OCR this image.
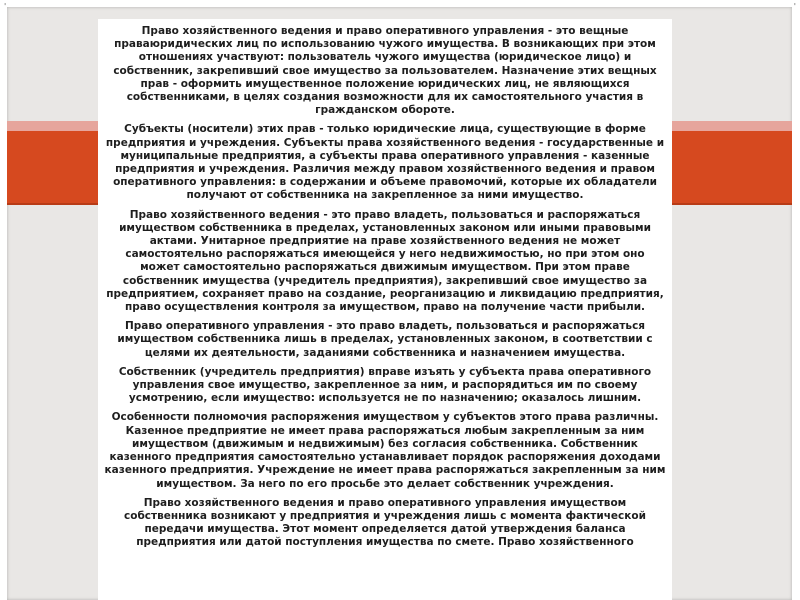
'	'

Право хозяйственного ведения и право оперативного управления - это вещные праваюридических лиц по использованию чужого имущества. В возникающих при этом отношениях участвуют: пользователь чужого имущества (юридическое лицо) и собственник, закрепивший свое имущество за пользователем. Назначение этих вещных прав - оформить имущественное положение юридических лиц, не являющихся собственниками, в целях создания возможности для их самостоятельного участия в гражданском обороте.

Субъекты (носители) этих прав - только юридические лица, существующие в форме предприятия и учреждения. Субъекты права хозяйственного ведения - государственные и муниципальные предприятия, а субъекты права оперативного управления - казенные предприятия и учреждения. Различия между правом хозяйственного ведения и правом оперативного управления: в содержании и объеме правомочий, которые их обладатели получают от собственника на закрепленное за ними имущество.

Право хозяйственного ведения - это право владеть, пользоваться и распоряжаться имуществом собственника в пределах, установленных законом или иными правовыми актами. Унитарное предприятие на праве хозяйственного ведения не может самостоятельно распоряжаться имеющейся у него недвижимостью, но при этом оно может самостоятельно распоряжаться движимым имуществом. При этом праве собственник имущества (учредитель предприятия), закрепивший свое имущество за предприятием, сохраняет право на создание, реорганизацию и ликвидацию предприятия, право осуществления контроля за имуществом, право на получение части прибыли.

Право оперативного управления - это право владеть, пользоваться и распоряжаться имуществом собственника лишь в пределах, установленных законом, в соответствии с целями их деятельности, заданиями собственника и назначением имущества.

Собственник (учредитель предприятия) вправе изъять у субъекта права оперативного управления свое имущество, закрепленное за ним, и распорядиться им по своему усмотрению, если имущество: используется не по назначению; оказалось лишним.

Особенности полномочия распоряжения имуществом у субъектов этого права различны. Казенное предприятие не имеет права распоряжаться любым закрепленным за ним имуществом (движимым и недвижимым) без согласия собственника. Собственник казенного предприятия самостоятельно устанавливает порядок распоряжения доходами казенного предприятия. Учреждение не имеет права распоряжаться закрепленным за ним имуществом. За него по его просьбе это делает собственник учреждения.

Право хозяйственного ведения и право оперативного управления имуществом собственника возникают у предприятия и учреждения лишь с момента фактической передачи имущества. Этот момент определяется датой утверждения баланса предприятия или датой поступления имущества по смете. Право хозяйственного
